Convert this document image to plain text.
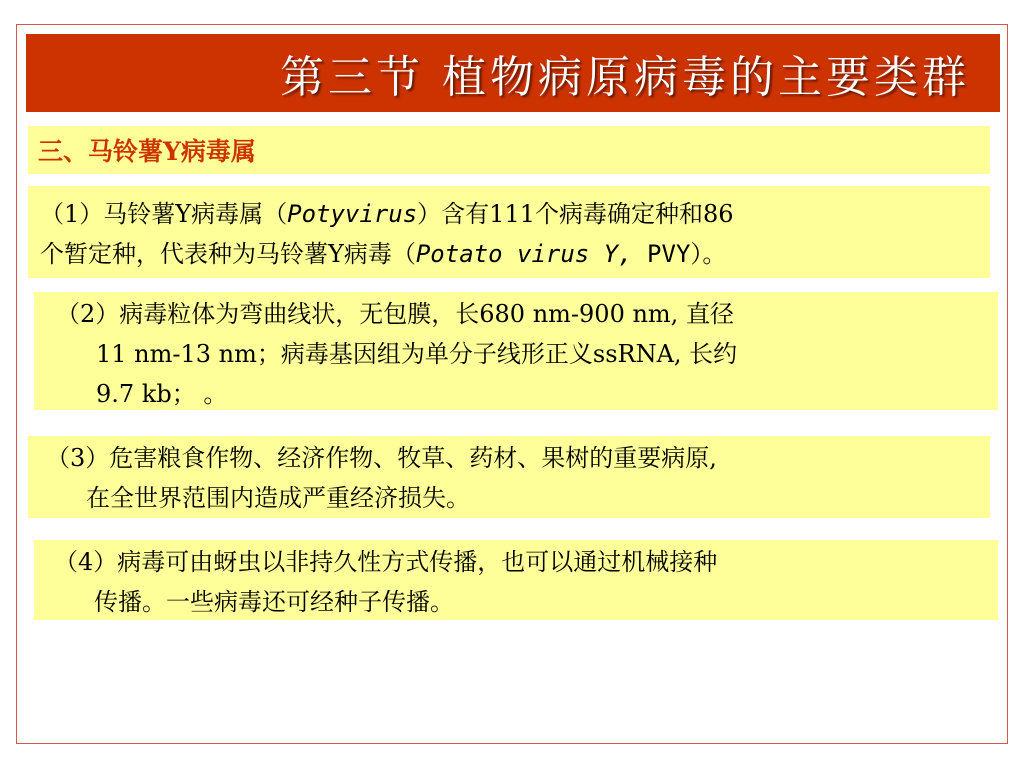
第三节 植物病原病毒的主要类群
三、马铃薯Y病毒属
（1）马铃薯Y病毒属（Potyvirus）含有111个病毒确定种和86
个暂定种，代表种为马铃薯Y病毒（Potato virus Y, PVY）。
（2）病毒粒体为弯曲线状，无包膜，长680 nm-900 nm, 直径
11 nm-13 nm；病毒基因组为单分子线形正义ssRNA, 长约
9.7 kb； 。
（3）危害粮食作物、经济作物、牧草、药材、果树的重要病原,
在全世界范围内造成严重经济损失。
（4）病毒可由蚜虫以非持久性方式传播，也可以通过机械接种
传播。一些病毒还可经种子传播。
